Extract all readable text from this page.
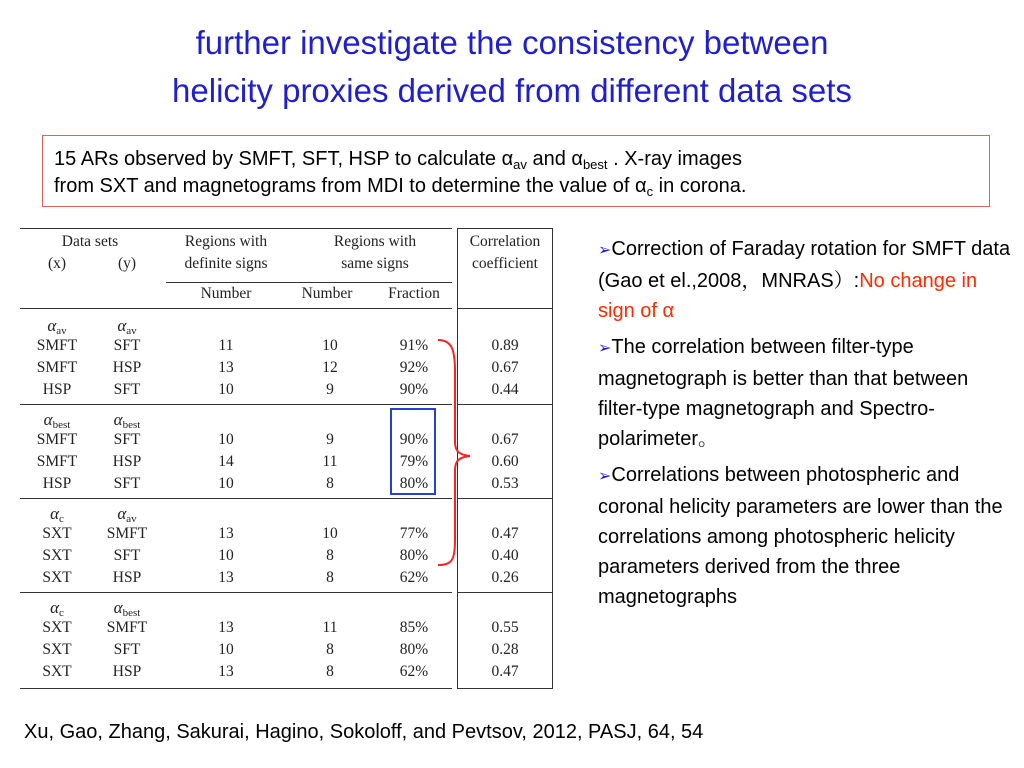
further investigate the consistency between
helicity proxies derived from different data sets
15 ARs observed by SMFT, SFT, HSP to calculate $\alpha_{av}$ and $\alpha_{best}$ . X-ray images
from SXT and magnetograms from MDI to determine the value of $\alpha_c$ in corona.
Data sets
(x)	(y)
Regions with
definite signs
Regions with
same signs
Correlation
coefficient
Number	Number	Fraction
$\alpha_{av}$	$\alpha_{av}$
SMFT	SFT	11	10	91%	0.89
SMFT	HSP	13	12	92%	0.67
HSP	SFT	10	9	90%	0.44
$\alpha_{best}$	$\alpha_{best}$
SMFT	SFT	10	9	90%	0.67
SMFT	HSP	14	11	79%	0.60
HSP	SFT	10	8	80%	0.53
$\alpha_c$	$\alpha_{av}$
SXT	SMFT	13	10	77%	0.47
SXT	SFT	10	8	80%	0.40
SXT	HSP	13	8	62%	0.26
$\alpha_c$	$\alpha_{best}$
SXT	SMFT	13	11	85%	0.55
SXT	SFT	10	8	80%	0.28
SXT	HSP	13	8	62%	0.47
➢Correction of Faraday rotation for SMFT data (Gao et el.,2008，MNRAS）:No change in sign of α
➢The correlation between filter-type magnetograph is better than that between filter-type magnetograph and Spectro- polarimeter。
➢Correlations between photospheric and coronal helicity parameters are lower than the correlations among photospheric helicity parameters derived from the three magnetographs
Xu, Gao, Zhang, Sakurai, Hagino, Sokoloff, and Pevtsov, 2012, PASJ, 64, 54
